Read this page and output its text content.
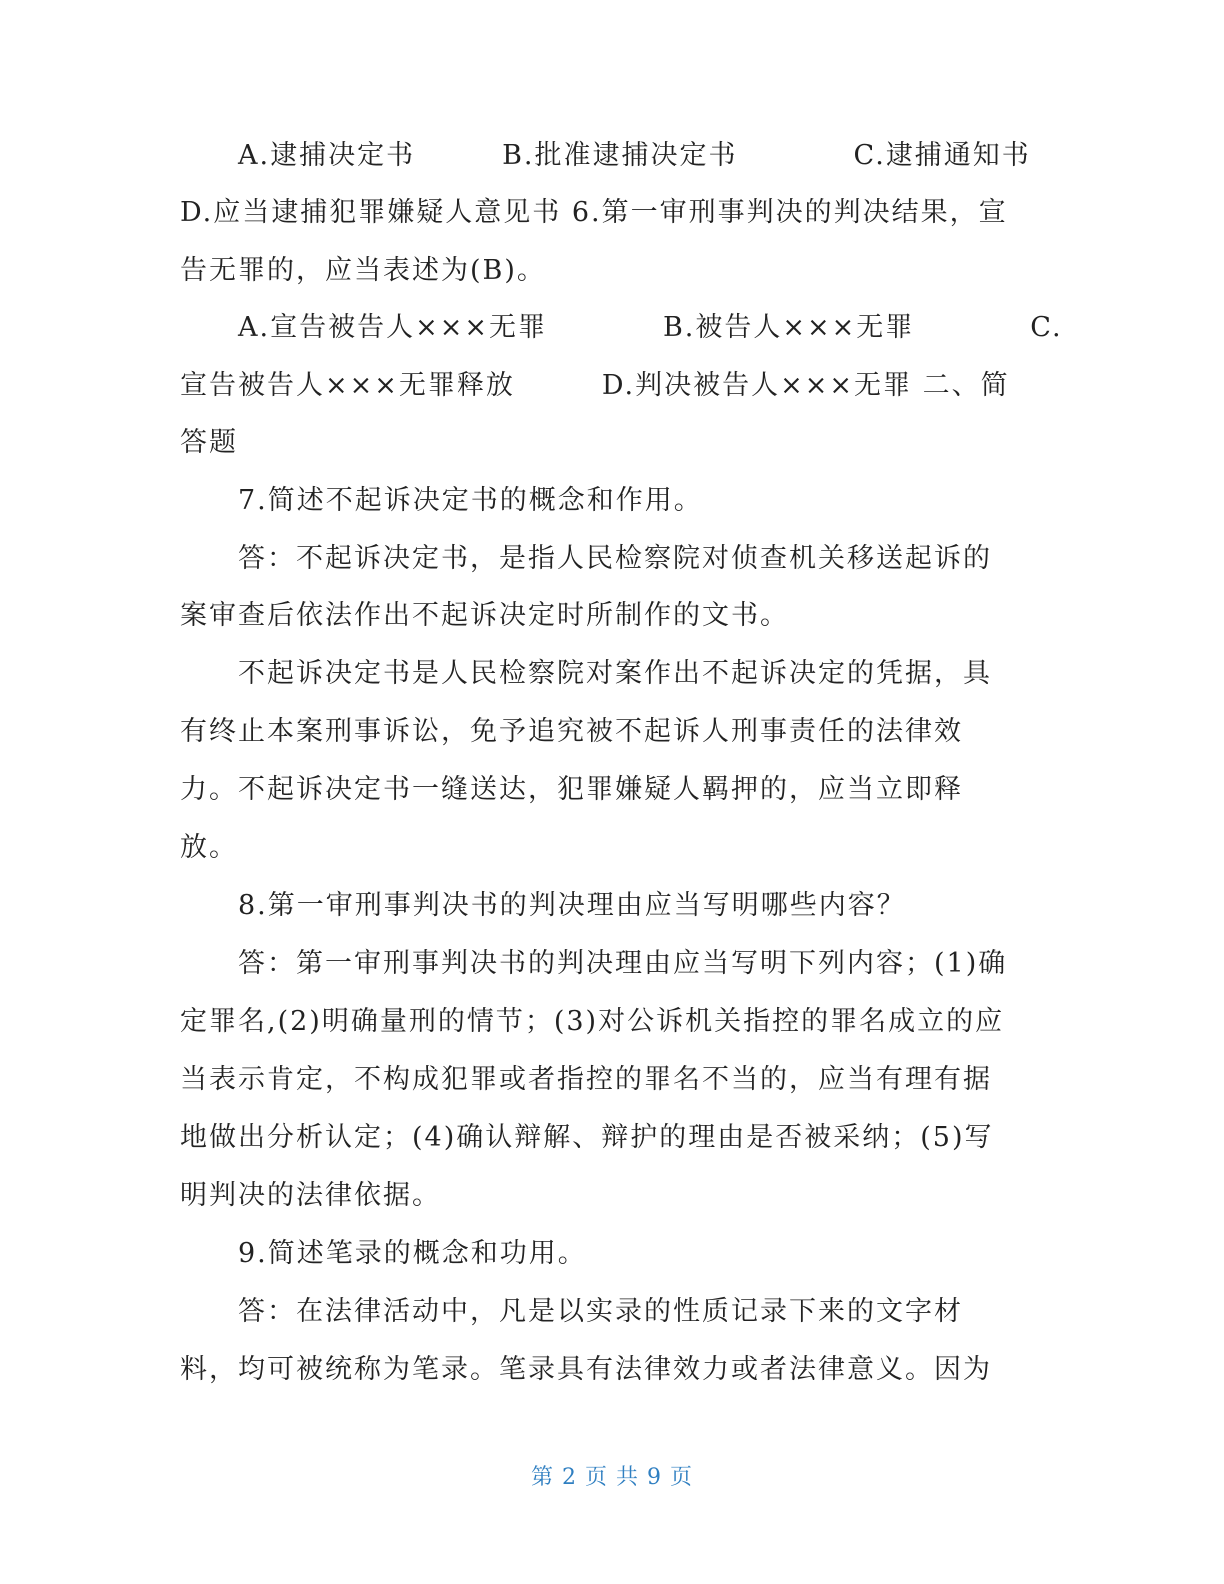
A.逮捕决定书　　　B.批准逮捕决定书　　　　C.逮捕通知书
D.应当逮捕犯罪嫌疑人意见书 6.第一审刑事判决的判决结果，宣
告无罪的，应当表述为(B)。
A.宣告被告人×××无罪　　　　B.被告人×××无罪　　　　C.
宣告被告人×××无罪释放　　　D.判决被告人×××无罪 二、简
答题
7.简述不起诉决定书的概念和作用。
答：不起诉决定书，是指人民检察院对侦查机关移送起诉的
案审查后依法作出不起诉决定时所制作的文书。
不起诉决定书是人民检察院对案作出不起诉决定的凭据，具
有终止本案刑事诉讼，免予追究被不起诉人刑事责任的法律效
力。不起诉决定书一缝送达，犯罪嫌疑人羁押的，应当立即释
放。
8.第一审刑事判决书的判决理由应当写明哪些内容？
答：第一审刑事判决书的判决理由应当写明下列内容；(1)确
定罪名,(2)明确量刑的情节；(3)对公诉机关指控的罪名成立的应
当表示肯定，不构成犯罪或者指控的罪名不当的，应当有理有据
地做出分析认定；(4)确认辩解、辩护的理由是否被采纳；(5)写
明判决的法律依据。
9.简述笔录的概念和功用。
答：在法律活动中，凡是以实录的性质记录下来的文字材
料，均可被统称为笔录。笔录具有法律效力或者法律意义。因为
第 2 页 共 9 页
